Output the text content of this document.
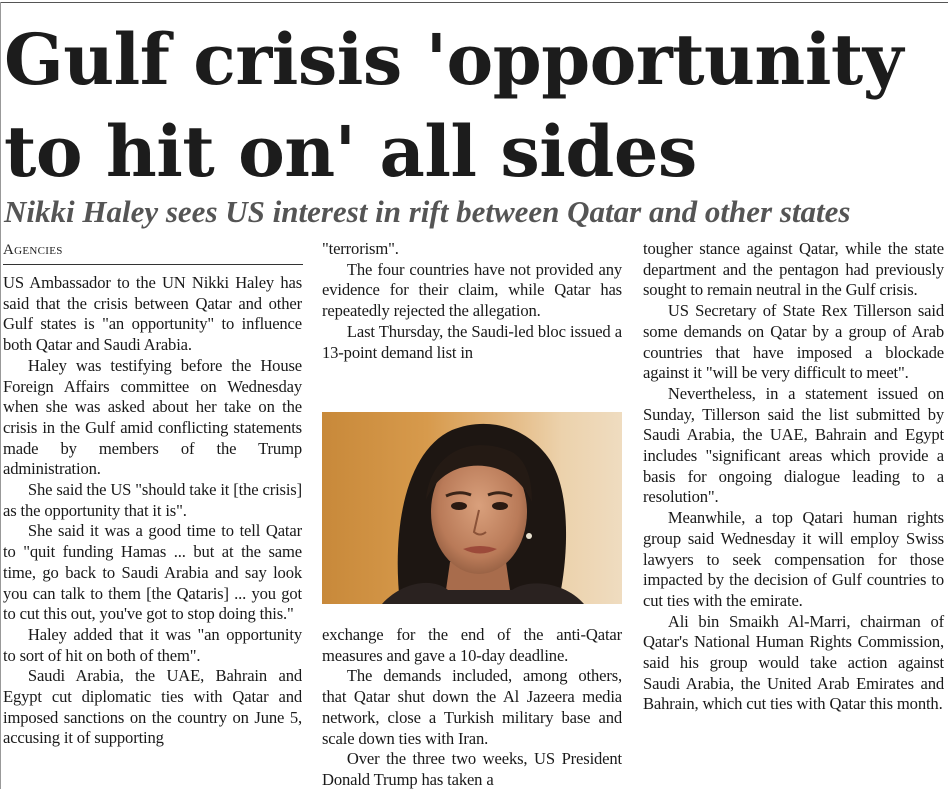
Gulf crisis 'opportunity to hit on' all sides
Nikki Haley sees US interest in rift between Qatar and other states
Agencies

US Ambassador to the UN Nikki Haley has said that the crisis between Qatar and other Gulf states is "an opportunity" to influence both Qatar and Saudi Arabia.

Haley was testifying before the House Foreign Affairs committee on Wednesday when she was asked about her take on the crisis in the Gulf amid conflicting statements made by members of the Trump administration.

She said the US "should take it [the crisis] as the opportunity that it is".

She said it was a good time to tell Qatar to "quit funding Hamas ... but at the same time, go back to Saudi Arabia and say look you can talk to them [the Qataris] ... you got to cut this out, you've got to stop doing this."

Haley added that it was "an opportunity to sort of hit on both of them".

Saudi Arabia, the UAE, Bahrain and Egypt cut diplomatic ties with Qatar and imposed sanctions on the country on June 5, accusing it of supporting

"terrorism".

The four countries have not provided any evidence for their claim, while Qatar has repeatedly rejected the allegation.

Last Thursday, the Saudi-led bloc issued a 13-point demand list in

exchange for the end of the anti-Qatar measures and gave a 10-day deadline.

The demands included, among others, that Qatar shut down the Al Jazeera media network, close a Turkish military base and scale down ties with Iran.

Over the three two weeks, US President Donald Trump has taken a

tougher stance against Qatar, while the state department and the pentagon had previously sought to remain neutral in the Gulf crisis.

US Secretary of State Rex Tillerson said some demands on Qatar by a group of Arab countries that have imposed a blockade against it "will be very difficult to meet".

Nevertheless, in a statement issued on Sunday, Tillerson said the list submitted by Saudi Arabia, the UAE, Bahrain and Egypt includes "significant areas which provide a basis for ongoing dialogue leading to a resolution".

Meanwhile, a top Qatari human rights group said Wednesday it will employ Swiss lawyers to seek compensation for those impacted by the decision of Gulf countries to cut ties with the emirate.

Ali bin Smaikh Al-Marri, chairman of Qatar's National Human Rights Commission, said his group would take action against Saudi Arabia, the United Arab Emirates and Bahrain, which cut ties with Qatar this month.
